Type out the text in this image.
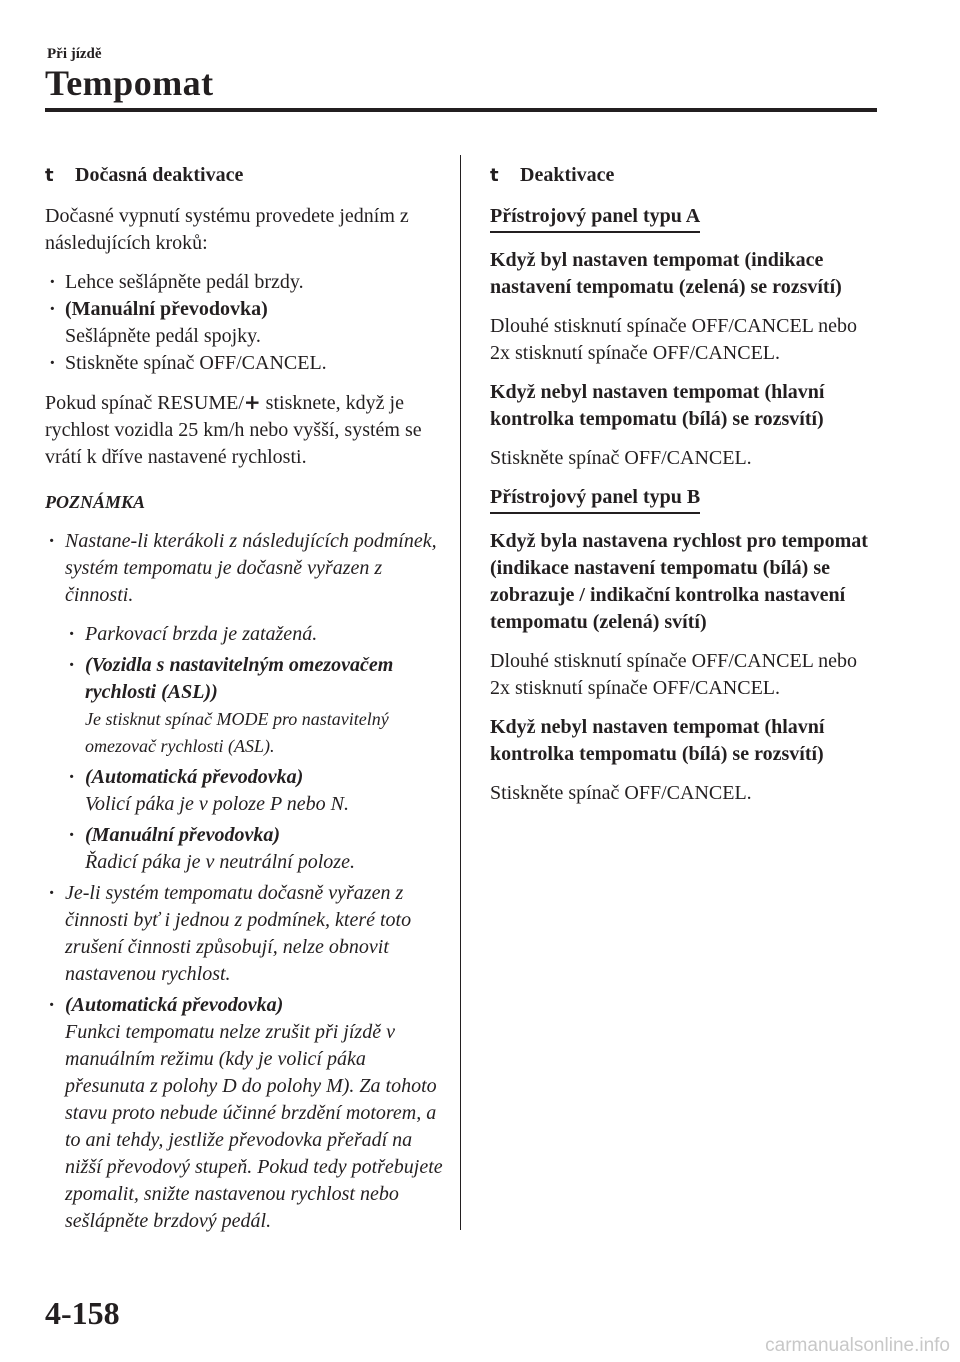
Při jízdě
Tempomat
t	Dočasná deaktivace

Dočasné vypnutí systému provedete jedním z následujících kroků:

· Lehce sešlápněte pedál brzdy.
· (Manuální převodovka)
Sešlápněte pedál spojky.
· Stiskněte spínač OFF/CANCEL.

Pokud spínač RESUME/+ stisknete, když je rychlost vozidla 25 km/h nebo vyšší, systém se vrátí k dříve nastavené rychlosti.

POZNÁMKA
· Nastane-li kterákoli z následujících podmínek, systém tempomatu je dočasně vyřazen z činnosti.
· Parkovací brzda je zatažená.
· (Vozidla s nastavitelným omezovačem rychlosti (ASL))
Je stisknut spínač MODE pro nastavitelný omezovač rychlosti (ASL).
· (Automatická převodovka)
Volicí páka je v poloze P nebo N.
· (Manuální převodovka)
Řadicí páka je v neutrální poloze.
· Je-li systém tempomatu dočasně vyřazen z činnosti byť i jednou z podmínek, které toto zrušení činnosti způsobují, nelze obnovit nastavenou rychlost.
· (Automatická převodovka)
Funkci tempomatu nelze zrušit při jízdě v manuálním režimu (kdy je volicí páka přesunuta z polohy D do polohy M). Za tohoto stavu proto nebude účinné brzdění motorem, a to ani tehdy, jestliže převodovka přeřadí na nižší převodový stupeň. Pokud tedy potřebujete zpomalit, snižte nastavenou rychlost nebo sešlápněte brzdový pedál.
t	Deaktivace
Přístrojový panel typu A
Když byl nastaven tempomat (indikace nastavení tempomatu (zelená) se rozsvítí)

Dlouhé stisknutí spínače OFF/CANCEL nebo 2x stisknutí spínače OFF/CANCEL.

Když nebyl nastaven tempomat (hlavní kontrolka tempomatu (bílá) se rozsvítí)

Stiskněte spínač OFF/CANCEL.

Přístrojový panel typu B
Když byla nastavena rychlost pro tempomat (indikace nastavení tempomatu (bílá) se zobrazuje / indikační kontrolka nastavení tempomatu (zelená) svítí)

Dlouhé stisknutí spínače OFF/CANCEL nebo 2x stisknutí spínače OFF/CANCEL.

Když nebyl nastaven tempomat (hlavní kontrolka tempomatu (bílá) se rozsvítí)

Stiskněte spínač OFF/CANCEL.

4-158
carmanualsonline.info
